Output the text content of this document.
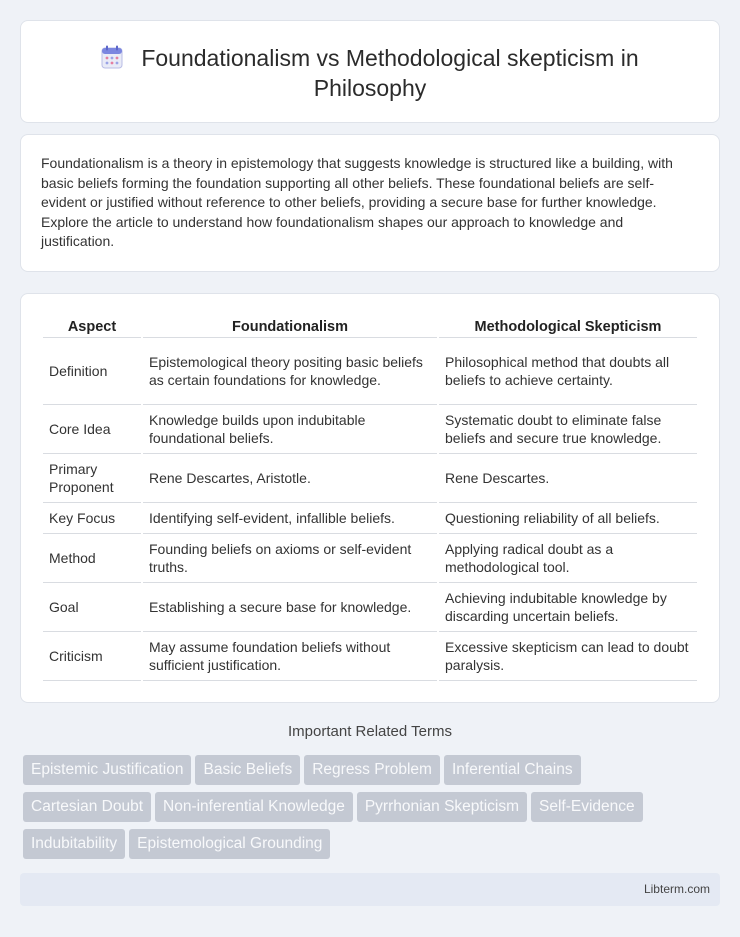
Foundationalism vs Methodological skepticism in
Philosophy

Foundationalism is a theory in epistemology that suggests knowledge is structured like a building, with basic beliefs forming the foundation supporting all other beliefs. These foundational beliefs are self-evident or justified without reference to other beliefs, providing a secure base for further knowledge. Explore the article to understand how foundationalism shapes our approach to knowledge and justification.

Aspect	Foundationalism	Methodological Skepticism
Definition	Epistemological theory positing basic beliefs as certain foundations for knowledge.	Philosophical method that doubts all beliefs to achieve certainty.
Core Idea	Knowledge builds upon indubitable foundational beliefs.	Systematic doubt to eliminate false beliefs and secure true knowledge.
Primary Proponent	Rene Descartes, Aristotle.	Rene Descartes.
Key Focus	Identifying self-evident, infallible beliefs.	Questioning reliability of all beliefs.
Method	Founding beliefs on axioms or self-evident truths.	Applying radical doubt as a methodological tool.
Goal	Establishing a secure base for knowledge.	Achieving indubitable knowledge by discarding uncertain beliefs.
Criticism	May assume foundation beliefs without sufficient justification.	Excessive skepticism can lead to doubt paralysis.
Important Related Terms
Epistemic Justification Basic Beliefs Regress Problem Inferential Chains
Cartesian Doubt Non-inferential Knowledge Pyrrhonian Skepticism Self-Evidence
Indubitability Epistemological Grounding
Libterm.com
